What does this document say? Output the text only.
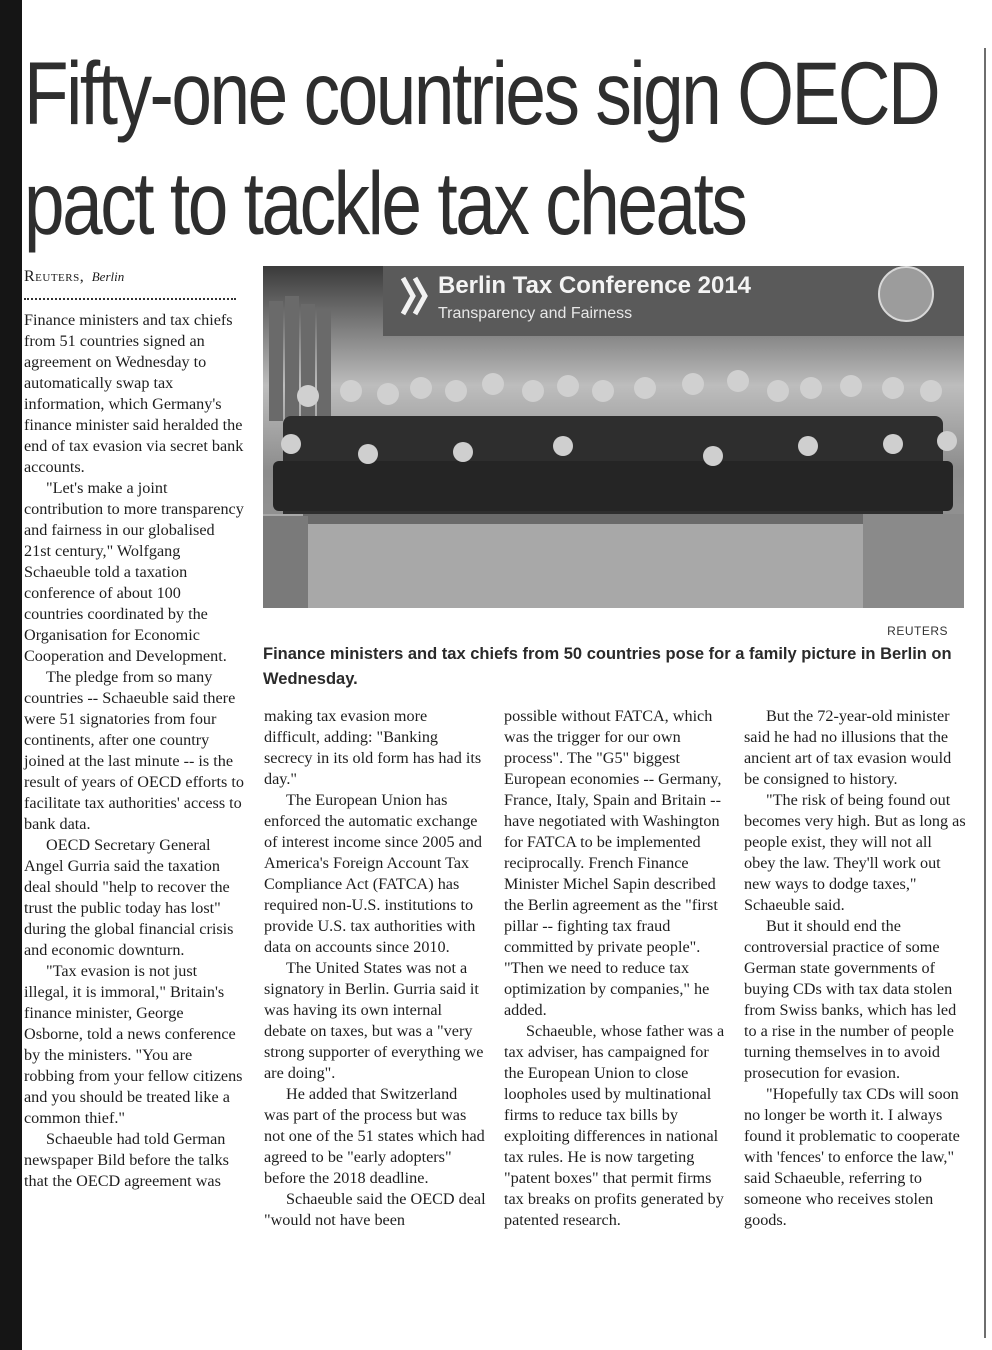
Fifty-one countries sign OECD pact to tackle tax cheats
Reuters, Berlin

Finance ministers and tax chiefs from 51 countries signed an agreement on Wednesday to automatically swap tax information, which Germany's finance minister said heralded the end of tax evasion via secret bank accounts.

"Let's make a joint contribution to more transparency and fairness in our globalised 21st century," Wolfgang Schaeuble told a taxation conference of about 100 countries coordinated by the Organisation for Economic Cooperation and Development.

The pledge from so many countries -- Schaeuble said there were 51 signatories from four continents, after one country joined at the last minute -- is the result of years of OECD efforts to facilitate tax authorities' access to bank data.

OECD Secretary General Angel Gurria said the taxation deal should "help to recover the trust the public today has lost" during the global financial crisis and economic downturn.

"Tax evasion is not just illegal, it is immoral," Britain's finance minister, George Osborne, told a news conference by the ministers. "You are robbing from your fellow citizens and you should be treated like a common thief."

Schaeuble had told German newspaper Bild before the talks that the OECD agreement was

Berlin Tax Conference 2014
Transparency and Fairness
REUTERS

Finance ministers and tax chiefs from 50 countries pose for a family picture in Berlin on Wednesday.

making tax evasion more difficult, adding: "Banking secrecy in its old form has had its day."

The European Union has enforced the automatic exchange of interest income since 2005 and America's Foreign Account Tax Compliance Act (FATCA) has required non-U.S. institutions to provide U.S. tax authorities with data on accounts since 2010.

The United States was not a signatory in Berlin. Gurria said it was having its own internal debate on taxes, but was a "very strong supporter of everything we are doing".

He added that Switzerland was part of the process but was not one of the 51 states which had agreed to be "early adopters" before the 2018 deadline.

Schaeuble said the OECD deal "would not have been

possible without FATCA, which was the trigger for our own process". The "G5" biggest European economies -- Germany, France, Italy, Spain and Britain -- have negotiated with Washington for FATCA to be implemented reciprocally. French Finance Minister Michel Sapin described the Berlin agreement as the "first pillar -- fighting tax fraud committed by private people". "Then we need to reduce tax optimization by companies," he added.

Schaeuble, whose father was a tax adviser, has campaigned for the European Union to close loopholes used by multinational firms to reduce tax bills by exploiting differences in national tax rules. He is now targeting "patent boxes" that permit firms tax breaks on profits generated by patented research.

But the 72-year-old minister said he had no illusions that the ancient art of tax evasion would be consigned to history.

"The risk of being found out becomes very high. But as long as people exist, they will not all obey the law. They'll work out new ways to dodge taxes," Schaeuble said.

But it should end the controversial practice of some German state governments of buying CDs with tax data stolen from Swiss banks, which has led to a rise in the number of people turning themselves in to avoid prosecution for evasion.

"Hopefully tax CDs will soon no longer be worth it. I always found it problematic to cooperate with 'fences' to enforce the law," said Schaeuble, referring to someone who receives stolen goods.
